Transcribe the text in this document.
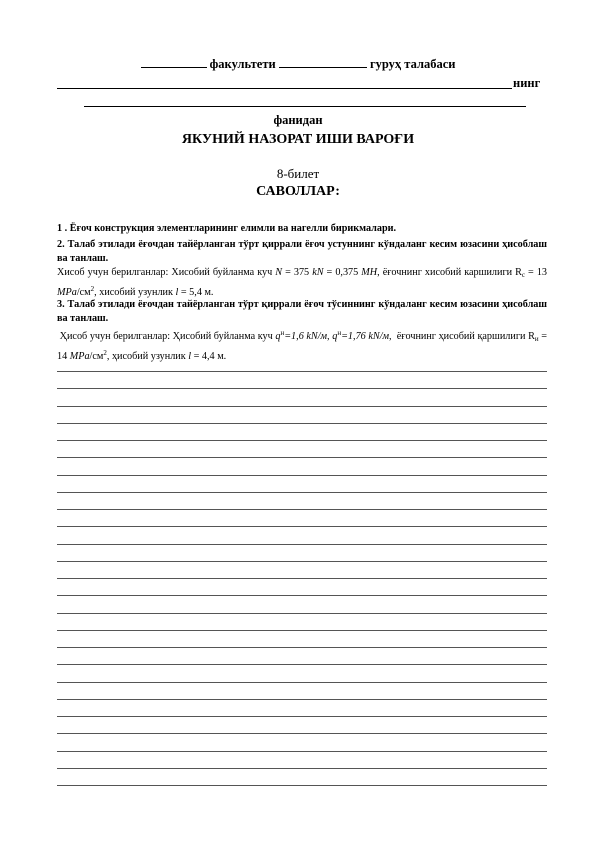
факультети	гуруҳ талабаси
нинг
фанидан
ЯКУНИЙ НАЗОРАТ ИШИ ВАРОҒИ
8-билет
САВОЛЛАР:
1 . Ёғоч конструкция элементларининг елимли ва нагелли бирикмалари.
2. Талаб этилади ёғочдан тайёрланган тўрт қиррали ёғоч устуннинг кўндаланг кесим юзасини ҳисоблаш ва танлаш.
Хисоб учун берилганлар: Хисобий буйланма куч N = 375 kN = 0,375 MH, ёғочнинг хисобий каршилиги $R_c = 13$ MPa/$см^2$, хисобий узунлик l = 5,4 м.
3. Талаб этилади ёғочдан тайёрланган тўрт қиррали ёғоч тўсиннинг кўндаланг кесим юзасини ҳисоблаш ва танлаш.
Ҳисоб учун берилганлар: Ҳисобий буйланма куч $q^н=1,6$ kN/м, $q^н=1,76$ kN/м, ёғочнинг ҳисобий қаршилиги $R_и = 14$ MPa/$см^2$, ҳисобий узунлик l = 4,4 м.
